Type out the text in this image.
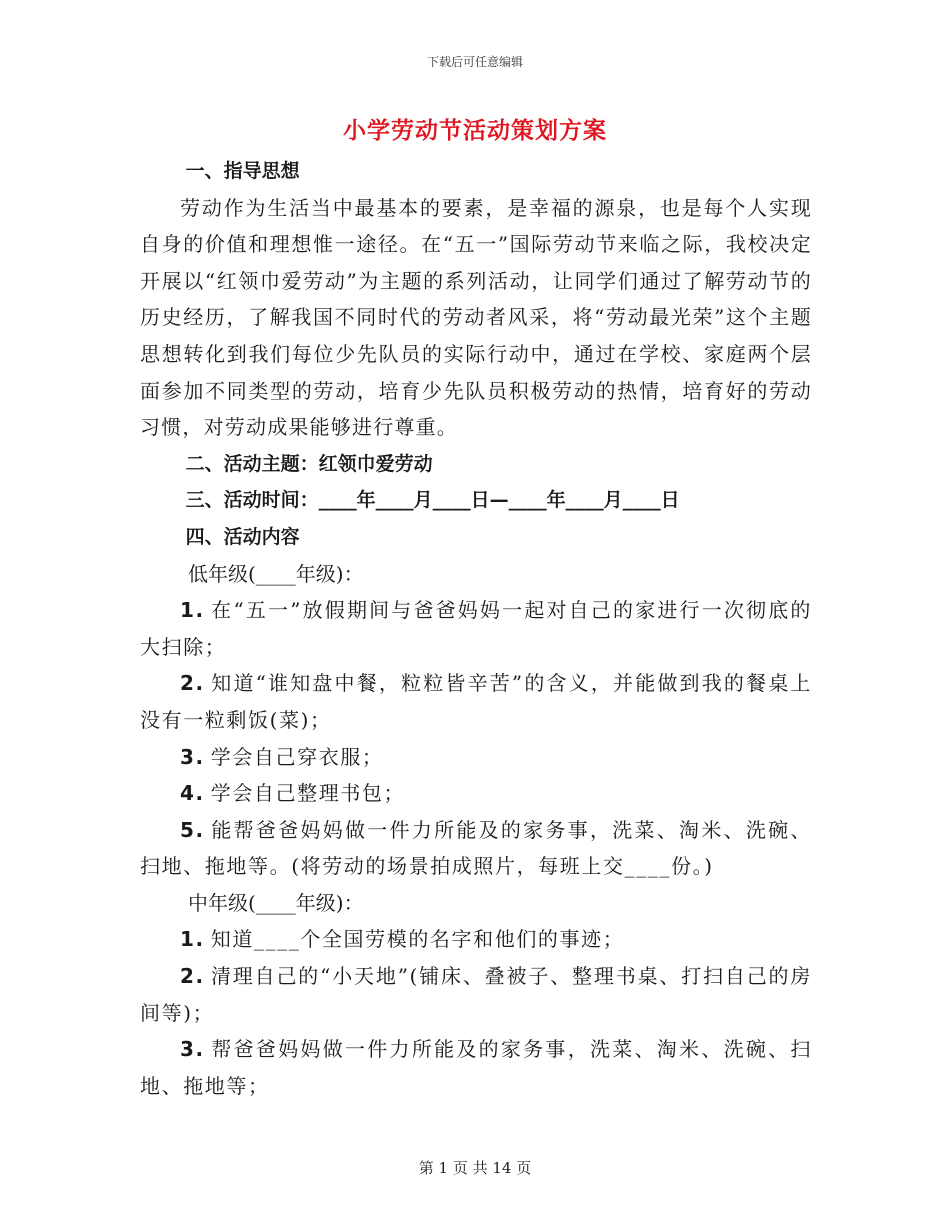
下载后可任意编辑
小学劳动节活动策划方案
一、指导思想
劳动作为生活当中最基本的要素，是幸福的源泉，也是每个人实现自身的价值和理想惟一途径。在“五一”国际劳动节来临之际，我校决定开展以“红领巾爱劳动”为主题的系列活动，让同学们通过了解劳动节的历史经历，了解我国不同时代的劳动者风采，将“劳动最光荣”这个主题思想转化到我们每位少先队员的实际行动中，通过在学校、家庭两个层面参加不同类型的劳动，培育少先队员积极劳动的热情，培育好的劳动习惯，对劳动成果能够进行尊重。
二、活动主题：红领巾爱劳动
三、活动时间：____年____月____日—____年____月____日
四、活动内容
低年级(____年级)：
1. 在“五一”放假期间与爸爸妈妈一起对自己的家进行一次彻底的大扫除；
2. 知道“谁知盘中餐，粒粒皆辛苦”的含义，并能做到我的餐桌上没有一粒剩饭(菜)；
3. 学会自己穿衣服；
4. 学会自己整理书包；
5. 能帮爸爸妈妈做一件力所能及的家务事，洗菜、淘米、洗碗、扫地、拖地等。(将劳动的场景拍成照片，每班上交____份。)
中年级(____年级)：
1. 知道____个全国劳模的名字和他们的事迹；
2. 清理自己的“小天地”(铺床、叠被子、整理书桌、打扫自己的房间等)；
3. 帮爸爸妈妈做一件力所能及的家务事，洗菜、淘米、洗碗、扫地、拖地等；
第 1 页 共 14 页
